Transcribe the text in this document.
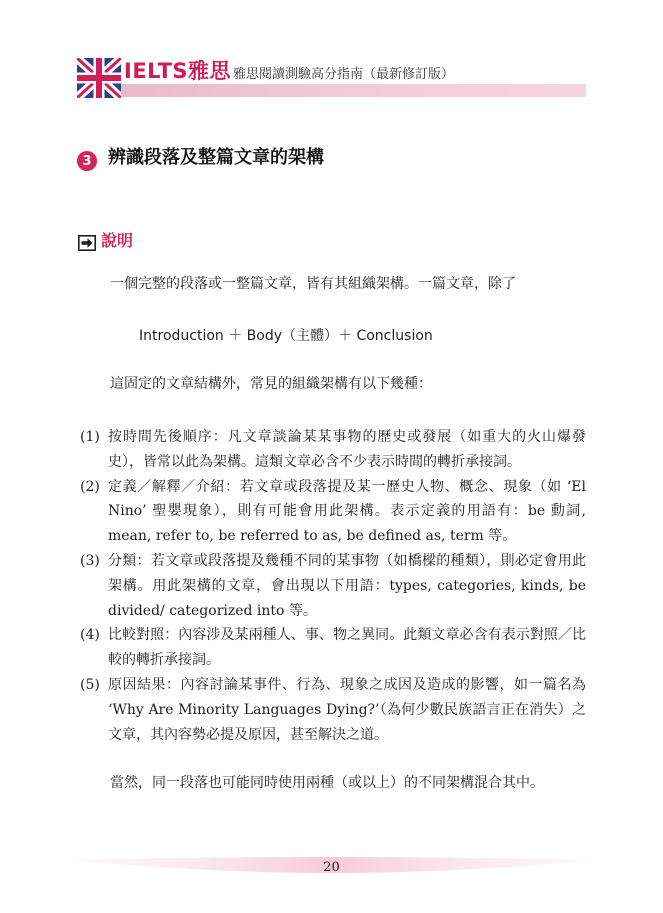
IELTS雅思 雅思閱讀測驗高分指南（最新修訂版）
3 辨識段落及整篇文章的架構
說明
一個完整的段落或一整篇文章，皆有其組織架構。一篇文章，除了
Introduction ＋ Body（主體）＋ Conclusion
這固定的文章結構外，常見的組織架構有以下幾種：
(1) 按時間先後順序：凡文章談論某某事物的歷史或發展（如重大的火山爆發史），皆常以此為架構。這類文章必含不少表示時間的轉折承接詞。
(2) 定義／解釋／介紹：若文章或段落提及某一歷史人物、概念、現象（如 ‘El Nino’ 聖嬰現象），則有可能會用此架構。表示定義的用語有：be 動詞, mean, refer to, be referred to as, be defined as, term 等。
(3) 分類：若文章或段落提及幾種不同的某事物（如橋樑的種類），則必定會用此架構。用此架構的文章，會出現以下用語：types, categories, kinds, be divided/ categorized into 等。
(4) 比較對照：內容涉及某兩種人、事、物之異同。此類文章必含有表示對照／比較的轉折承接詞。
(5) 原因結果：內容討論某事件、行為、現象之成因及造成的影響，如一篇名為 ‘Why Are Minority Languages Dying?’（為何少數民族語言正在消失）之文章，其內容勢必提及原因，甚至解決之道。
當然，同一段落也可能同時使用兩種（或以上）的不同架構混合其中。
20
